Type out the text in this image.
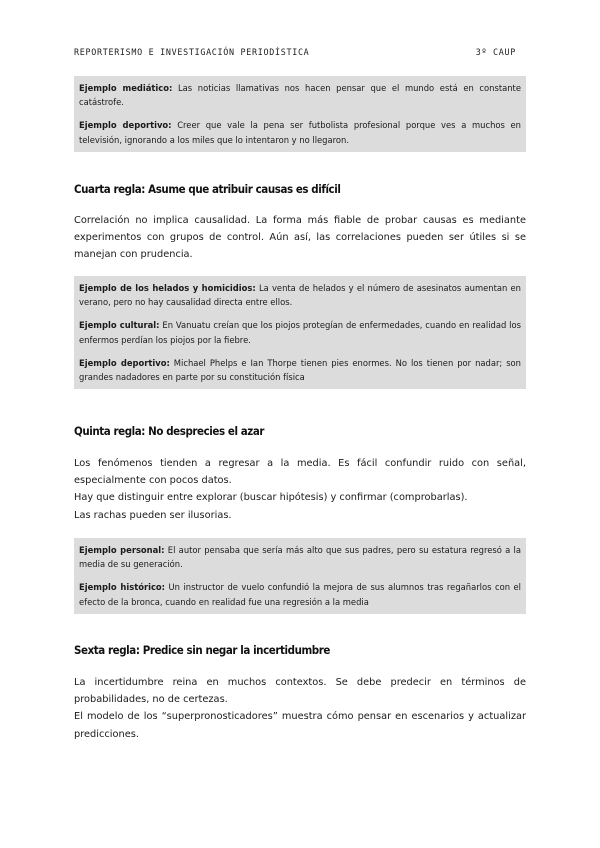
REPORTERISMO E INVESTIGACIÓN PERIODÍSTICA	3º CAUP

Ejemplo mediático: Las noticias llamativas nos hacen pensar que el mundo está en constante catástrofe.

Ejemplo deportivo: Creer que vale la pena ser futbolista profesional porque ves a muchos en televisión, ignorando a los miles que lo intentaron y no llegaron.

Cuarta regla: Asume que atribuir causas es difícil
Correlación no implica causalidad. La forma más fiable de probar causas es mediante experimentos con grupos de control. Aún así, las correlaciones pueden ser útiles si se manejan con prudencia.

Ejemplo de los helados y homicidios: La venta de helados y el número de asesinatos aumentan en verano, pero no hay causalidad directa entre ellos.

Ejemplo cultural: En Vanuatu creían que los piojos protegían de enfermedades, cuando en realidad los enfermos perdían los piojos por la fiebre.

Ejemplo deportivo: Michael Phelps e Ian Thorpe tienen pies enormes. No los tienen por nadar; son grandes nadadores en parte por su constitución física

Quinta regla: No desprecies el azar
Los fenómenos tienden a regresar a la media. Es fácil confundir ruido con señal, especialmente con pocos datos.
Hay que distinguir entre explorar (buscar hipótesis) y confirmar (comprobarlas).
Las rachas pueden ser ilusorias.

Ejemplo personal: El autor pensaba que sería más alto que sus padres, pero su estatura regresó a la media de su generación.

Ejemplo histórico: Un instructor de vuelo confundió la mejora de sus alumnos tras regañarlos con el efecto de la bronca, cuando en realidad fue una regresión a la media

Sexta regla: Predice sin negar la incertidumbre
La incertidumbre reina en muchos contextos. Se debe predecir en términos de probabilidades, no de certezas.
El modelo de los “superpronosticadores” muestra cómo pensar en escenarios y actualizar predicciones.
